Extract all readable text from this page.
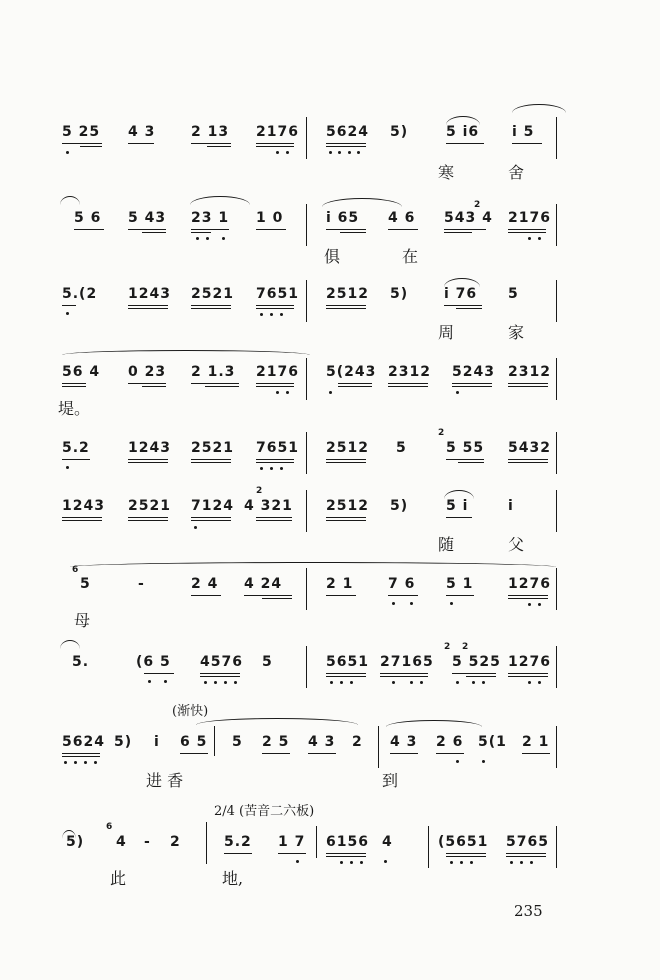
5 25 4 3	2 13 2176 5624 5)	5 i6 i 5
寒	舍
5 6 5 43 23 1 1 0	i 65 4 6
2
543 4 2176
俱	在
5.(2 1243 2521 7651 2512 5)	i 76 5
周	家
56 4 0 23 2 1.3 2176 5(243 2312 5243 2312
堤。
5.2	1243 2521 7651 2512 5
2
5 55 5432
1243 2521 7124
2
4 321 2512 5)	5 i	i
随	父
6
5	-	2 4 4 24	2 1 7 6 5 1 1276
母
5.	(6 5 4576 5	5651 27165
2 2
5 525 1276
(渐快)
5624 5) i 6 5 5 2 5 4 3 2 4 3 2 6 5(1 2 1
进 香	到
2/4 (苦音二六板)
5)
6
4 - 2	5.2 1 7 6156 4	(5651 5765
此	地,
235
